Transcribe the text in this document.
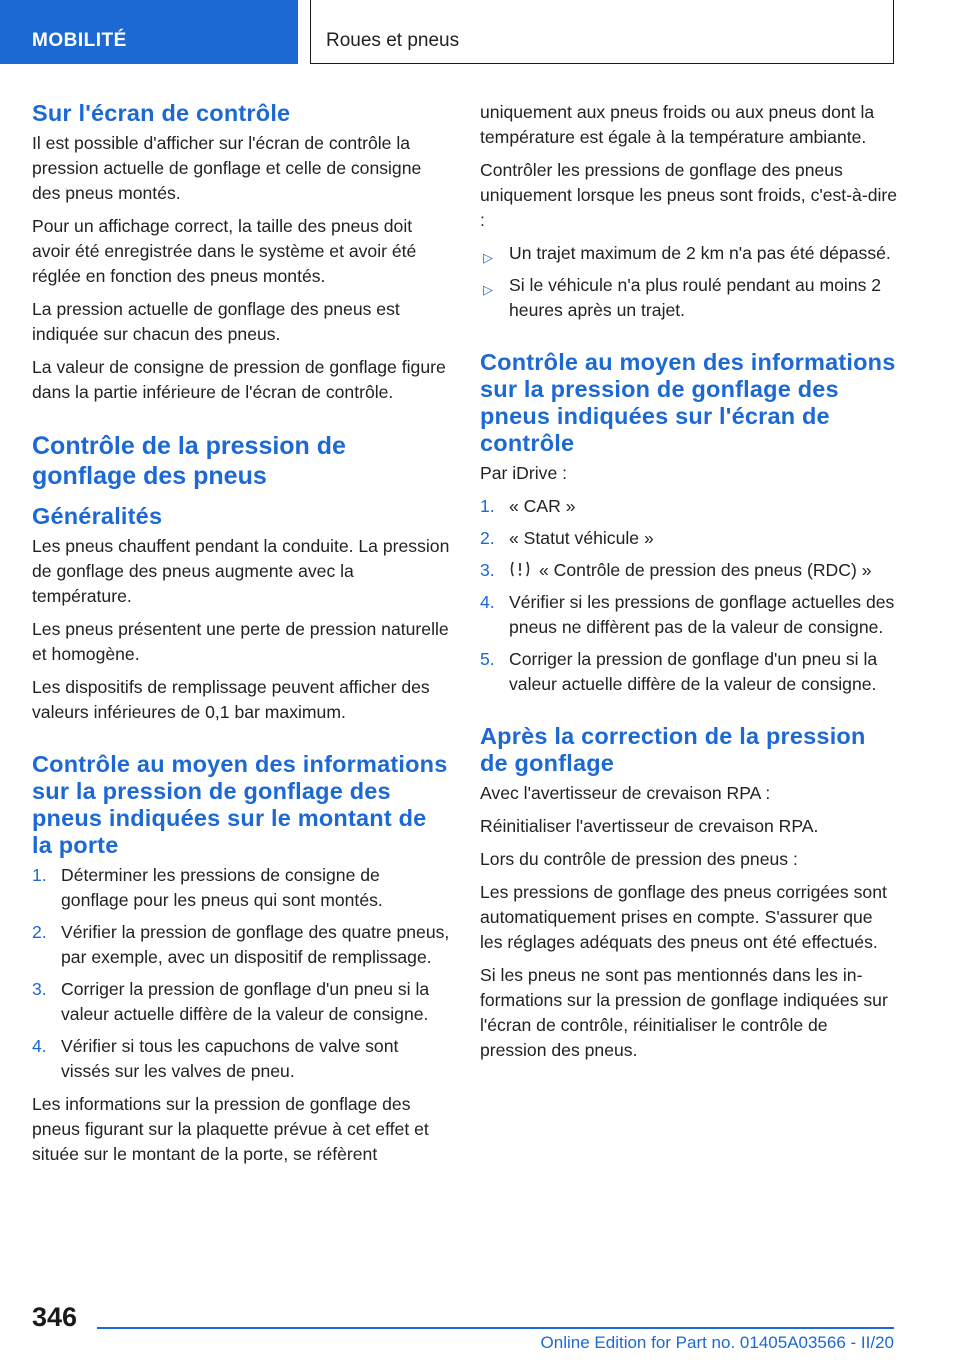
MOBILITÉ	Roues et pneus
Sur l'écran de contrôle

Il est possible d'afficher sur l'écran de contrôle la pression actuelle de gonflage et celle de consigne des pneus montés.

Pour un affichage correct, la taille des pneus doit avoir été enregistrée dans le système et avoir été réglée en fonction des pneus montés.

La pression actuelle de gonflage des pneus est indiquée sur chacun des pneus.

La valeur de consigne de pression de gonflage figure dans la partie inférieure de l'écran de contrôle.

Contrôle de la pression de gonflage des pneus
Généralités

Les pneus chauffent pendant la conduite. La pression de gonflage des pneus augmente avec la température.

Les pneus présentent une perte de pression naturelle et homogène.

Les dispositifs de remplissage peuvent afficher des valeurs inférieures de 0,1 bar maximum.

Contrôle au moyen des informations sur la pression de gonflage des pneus indiquées sur le montant de la porte
1. Déterminer les pressions de consigne de gonflage pour les pneus qui sont montés.
2. Vérifier la pression de gonflage des quatre pneus, par exemple, avec un dispositif de remplissage.
3. Corriger la pression de gonflage d'un pneu si la valeur actuelle diffère de la valeur de consigne.
4. Vérifier si tous les capuchons de valve sont vissés sur les valves de pneu.

Les informations sur la pression de gonflage des pneus figurant sur la plaquette prévue à cet effet et située sur le montant de la porte, se réfèrent

uniquement aux pneus froids ou aux pneus dont la température est égale à la température ambiante.

Contrôler les pressions de gonflage des pneus uniquement lorsque les pneus sont froids, c'est-à-dire :

▷ Un trajet maximum de 2 km n'a pas été dépassé.
▷ Si le véhicule n'a plus roulé pendant au moins 2 heures après un trajet.
Contrôle au moyen des informations sur la pression de gonflage des pneus indiquées sur l'écran de contrôle

Par iDrive :

1. « CAR »
2. « Statut véhicule »
3.	« Contrôle de pression des pneus (RDC) »
4. Vérifier si les pressions de gonflage actuelles des pneus ne diffèrent pas de la valeur de consigne.
5. Corriger la pression de gonflage d'un pneu si la valeur actuelle diffère de la valeur de consigne.
Après la correction de la pression de gonflage

Avec l'avertisseur de crevaison RPA :

Réinitialiser l'avertisseur de crevaison RPA.

Lors du contrôle de pression des pneus :

Les pressions de gonflage des pneus corrigées sont automatiquement prises en compte. S'assurer que les réglages adéquats des pneus ont été effectués.

Si les pneus ne sont pas mentionnés dans les informations sur la pression de gonflage indiquées sur l'écran de contrôle, réinitialiser le contrôle de pression des pneus.

346
Online Edition for Part no. 01405A03566 - II/20
